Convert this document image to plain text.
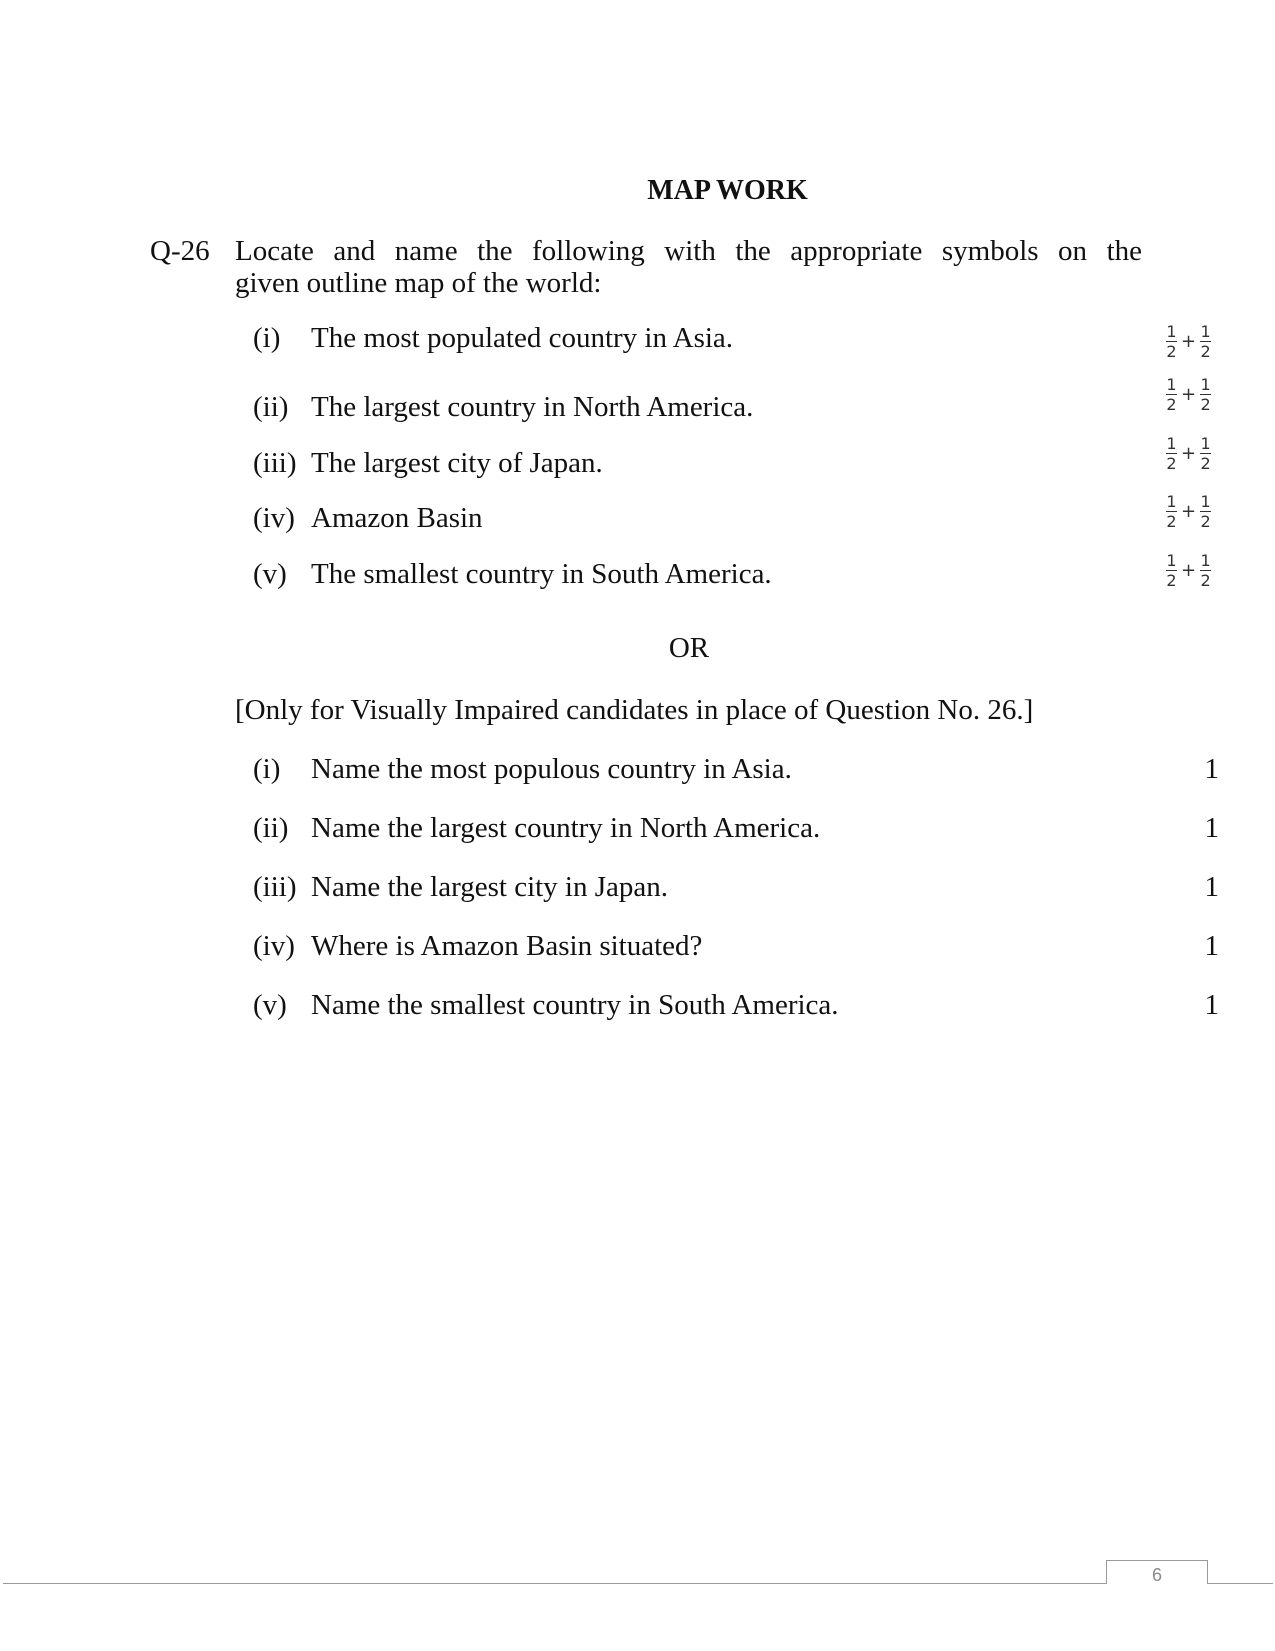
MAP WORK
Q-26 Locate and name the following with the appropriate symbols on the
given outline map of the world:
(i) The most populated country in Asia.	$\frac{1}{2} + \frac{1}{2}$
(ii) The largest country in North America.	$\frac{1}{2} + \frac{1}{2}$
(iii) The largest city of Japan.	$\frac{1}{2} + \frac{1}{2}$
(iv) Amazon Basin	$\frac{1}{2} + \frac{1}{2}$
(v) The smallest country in South America.	$\frac{1}{2} + \frac{1}{2}$
OR
[Only for Visually Impaired candidates in place of Question No. 26.]
(i) Name the most populous country in Asia.	1
(ii) Name the largest country in North America.	1
(iii) Name the largest city in Japan.	1
(iv) Where is Amazon Basin situated?	1
(v) Name the smallest country in South America.	1
6
